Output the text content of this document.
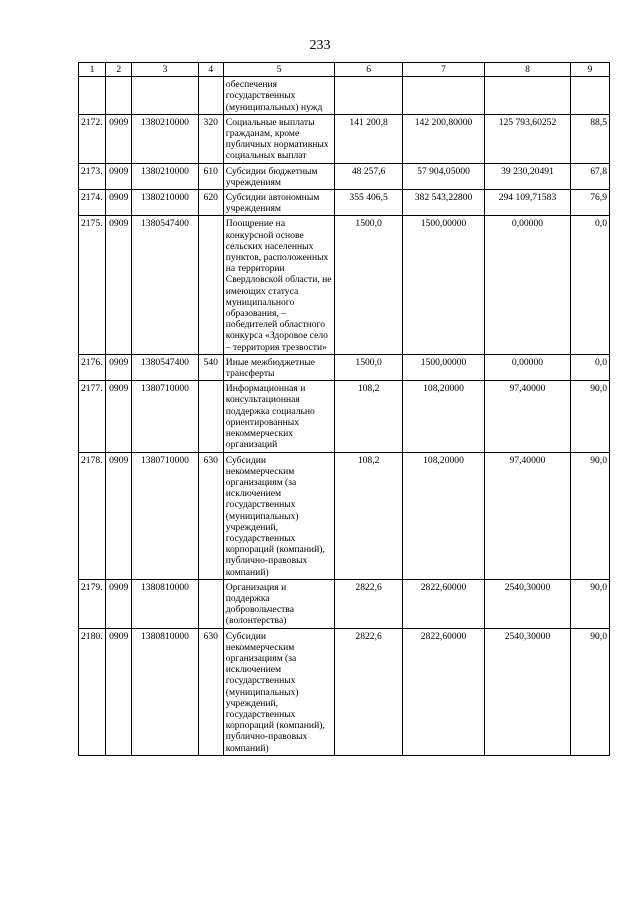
233
1	2	3	4	5	6	7	8	9
				обеспечения государственных (муниципальных) нужд				
2172.	0909	1380210000	320	Социальные выплаты гражданам, кроме публичных нормативных социальных выплат	141 200,8	142 200,80000	125 793,60252	88,5
2173.	0909	1380210000	610	Субсидии бюджетным учреждениям	48 257,6	57 904,05000	39 230,20491	67,8
2174.	0909	1380210000	620	Субсидии автономным учреждениям	355 406,5	382 543,22800	294 109,71583	76,9
2175.	0909	1380547400		Поощрение на конкурсной основе сельских населенных пунктов, расположенных на территории Свердловской области, не имеющих статуса муниципального образования, – победителей областного конкурса «Здоровое село – территория трезвости»	1500,0	1500,00000	0,00000	0,0
2176.	0909	1380547400	540	Иные межбюджетные трансферты	1500,0	1500,00000	0,00000	0,0
2177.	0909	1380710000		Информационная и консультационная поддержка социально ориентированных некоммерческих организаций	108,2	108,20000	97,40000	90,0
2178.	0909	1380710000	630	Субсидии некоммерческим организациям (за исключением государственных (муниципальных) учреждений, государственных корпораций (компаний), публично-правовых компаний)	108,2	108,20000	97,40000	90,0
2179.	0909	1380810000		Организация и поддержка добровольчества (волонтерства)	2822,6	2822,60000	2540,30000	90,0
2180.	0909	1380810000	630	Субсидии некоммерческим организациям (за исключением государственных (муниципальных) учреждений, государственных корпораций (компаний), публично-правовых компаний)	2822,6	2822,60000	2540,30000	90,0
